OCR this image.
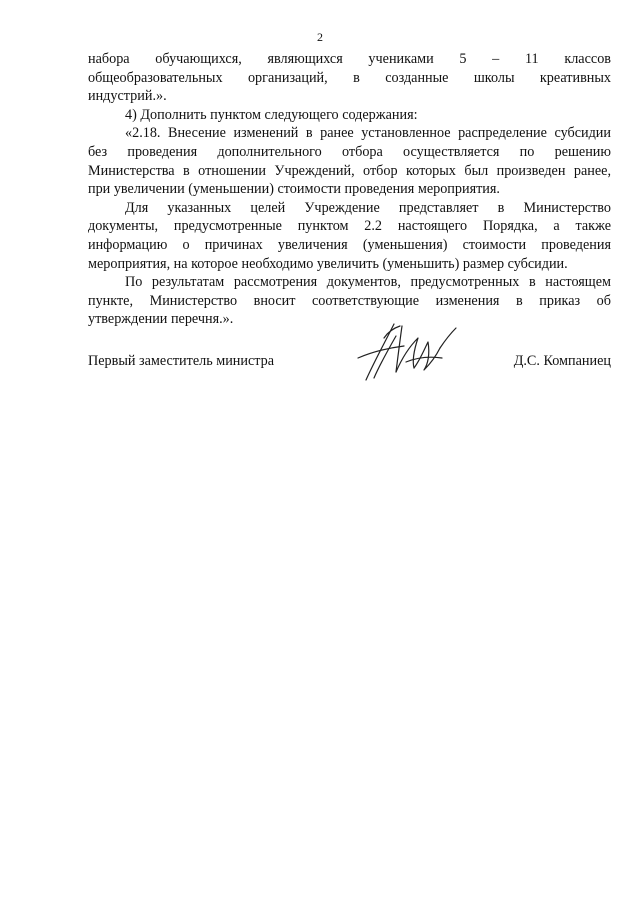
2

набора обучающихся, являющихся учениками 5 – 11 классов
общеобразовательных организаций, в созданные школы креативных
индустрий.».

4) Дополнить пунктом следующего содержания:

«2.18. Внесение изменений в ранее установленное распределение субсидии
без проведения дополнительного отбора осуществляется по решению
Министерства в отношении Учреждений, отбор которых был произведен ранее,
при увеличении (уменьшении) стоимости проведения мероприятия.

Для указанных целей Учреждение представляет в Министерство
документы, предусмотренные пунктом 2.2 настоящего Порядка, а также
информацию о причинах увеличения (уменьшения) стоимости проведения
мероприятия, на которое необходимо увеличить (уменьшить) размер субсидии.

По результатам рассмотрения документов, предусмотренных в настоящем
пункте, Министерство вносит соответствующие изменения в приказ об
утверждении перечня.».

Первый заместитель министра	Д.С. Компаниец
